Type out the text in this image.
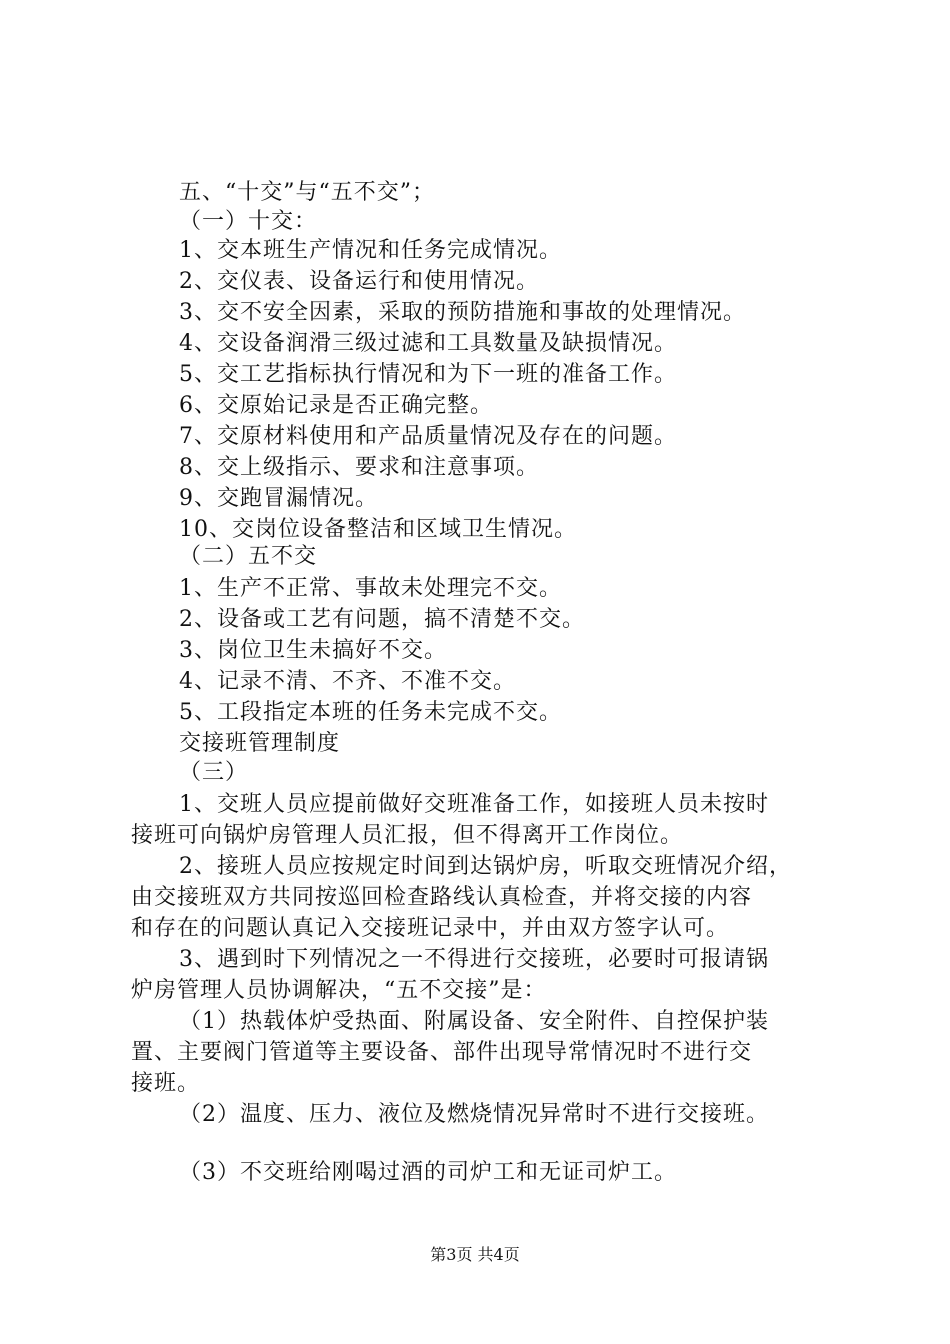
五、“十交”与“五不交”；
（一）十交：
1、交本班生产情况和任务完成情况。
2、交仪表、设备运行和使用情况。
3、交不安全因素，采取的预防措施和事故的处理情况。
4、交设备润滑三级过滤和工具数量及缺损情况。
5、交工艺指标执行情况和为下一班的准备工作。
6、交原始记录是否正确完整。
7、交原材料使用和产品质量情况及存在的问题。
8、交上级指示、要求和注意事项。
9、交跑冒漏情况。
10、交岗位设备整洁和区域卫生情况。
（二）五不交
1、生产不正常、事故未处理完不交。
2、设备或工艺有问题，搞不清楚不交。
3、岗位卫生未搞好不交。
4、记录不清、不齐、不准不交。
5、工段指定本班的任务未完成不交。
交接班管理制度
（三）
1、交班人员应提前做好交班准备工作，如接班人员未按时
接班可向锅炉房管理人员汇报，但不得离开工作岗位。
2、接班人员应按规定时间到达锅炉房，听取交班情况介绍，
由交接班双方共同按巡回检查路线认真检查，并将交接的内容
和存在的问题认真记入交接班记录中，并由双方签字认可。
3、遇到时下列情况之一不得进行交接班，必要时可报请锅
炉房管理人员协调解决，“五不交接”是：
（1）热载体炉受热面、附属设备、安全附件、自控保护装
置、主要阀门管道等主要设备、部件出现导常情况时不进行交
接班。
（2）温度、压力、液位及燃烧情况异常时不进行交接班。
（3）不交班给刚喝过酒的司炉工和无证司炉工。
第3页 共4页
